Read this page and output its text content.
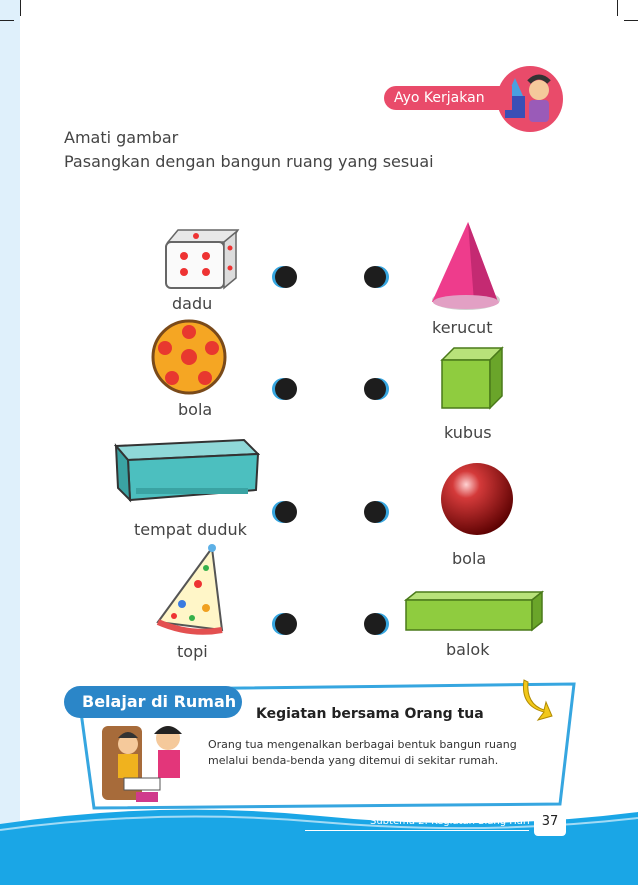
Ayo Kerjakan
Amati gambar
Pasangkan dengan bangun ruang yang sesuai
dadu
bola
tempat duduk
topi
kerucut
kubus
bola
balok
Belajar di Rumah
Kegiatan bersama Orang tua
Orang tua mengenalkan berbagai bentuk bangun ruang
melalui benda-benda yang ditemui di sekitar rumah.
Subtema 2: Kegiatan Siang Hari 37
